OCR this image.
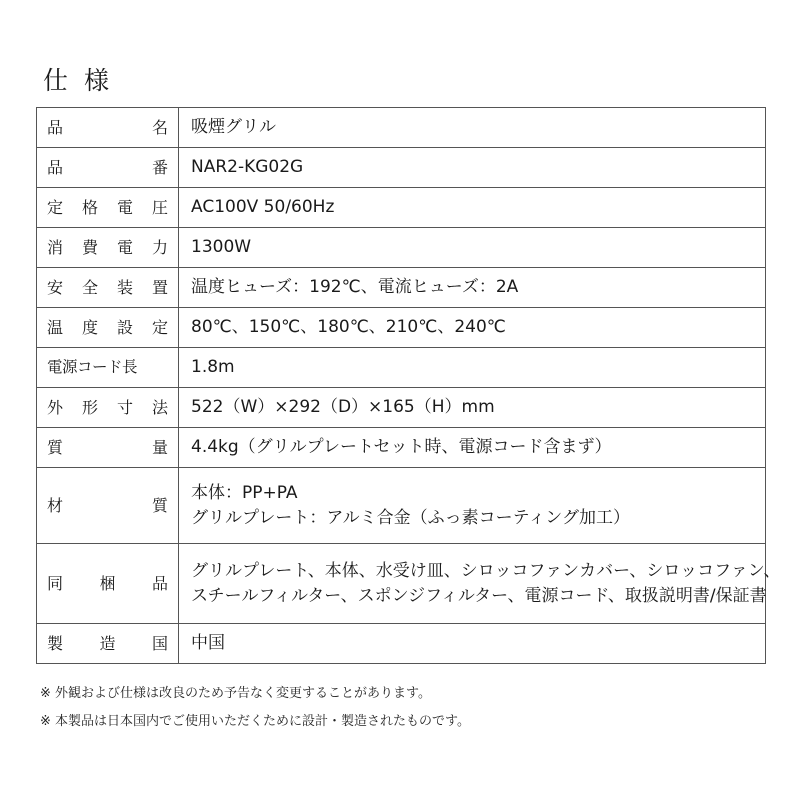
仕 様
品名	吸煙グリル

品番	NAR2-KG02G

定格電圧	AC100V 50/60Hz

消費電力	1300W

安全装置	温度ヒューズ：192℃、電流ヒューズ：2A

温度設定	80℃、150℃、180℃、210℃、240℃

電源コード長	1.8m

外形寸法	522（W）×292（D）×165（H）mm

質量	4.4kg（グリルプレートセット時、電源コード含まず）

材質	本体：PP+PA
グリルプレート：アルミ合金（ふっ素コーティング加工）

同梱品	グリルプレート、本体、水受け皿、シロッコファンカバー、シロッコファン、
スチールフィルター、スポンジフィルター、電源コード、取扱説明書/保証書

製造国	中国
※ 外観および仕様は改良のため予告なく変更することがあります。
※ 本製品は日本国内でご使用いただくために設計・製造されたものです。
